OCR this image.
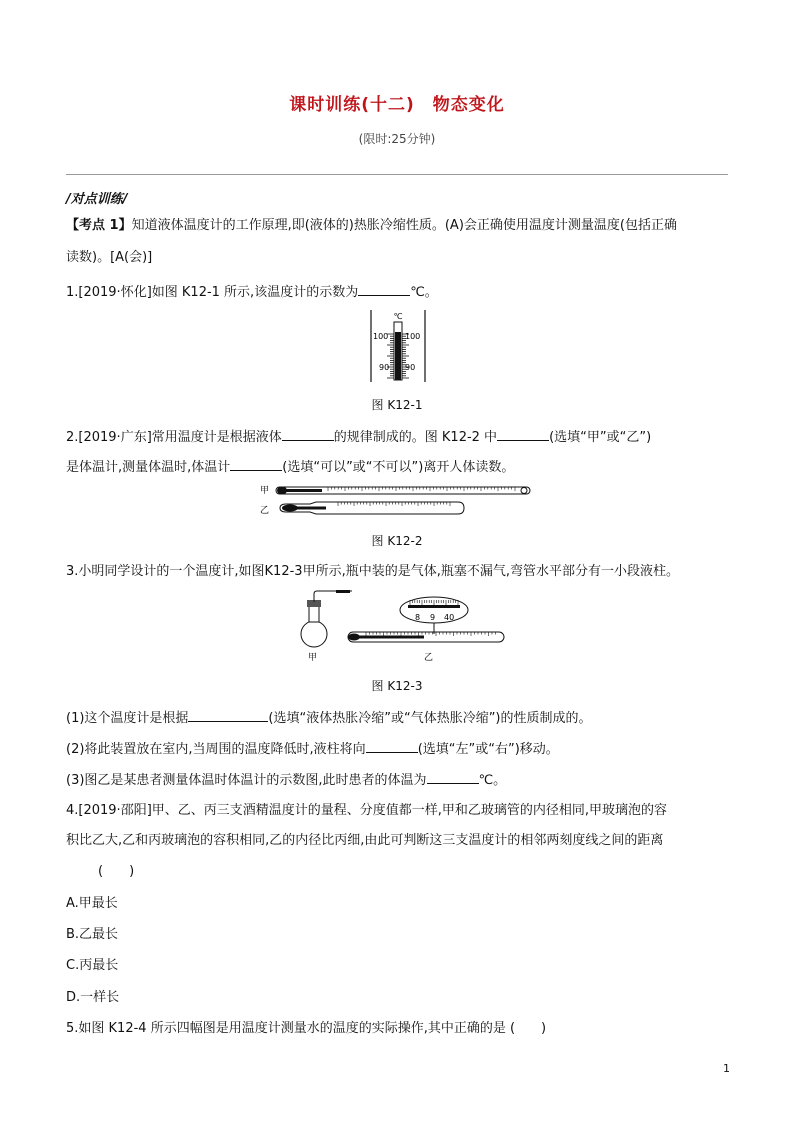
课时训练(十二)　物态变化
(限时:25分钟)
/对点训练/
【考点 1】知道液体温度计的工作原理,即(液体的)热胀冷缩性质。(A)会正确使用温度计测量温度(包括正确
读数)。[A(会)]
1.[2019·怀化]如图 K12-1 所示,该温度计的示数为	℃。
℃
100 100
90 90
图 K12-1
2.[2019·广东]常用温度计是根据液体	的规律制成的。图 K12-2 中	(选填“甲”或“乙”)
是体温计,测量体温时,体温计	(选填“可以”或“不可以”)离开人体读数。
甲
乙
图 K12-2
3.小明同学设计的一个温度计,如图K12-3甲所示,瓶中装的是气体,瓶塞不漏气,弯管水平部分有一小段液柱。
甲
8 9 40
乙
图 K12-3
(1)这个温度计是根据	(选填“液体热胀冷缩”或“气体热胀冷缩”)的性质制成的。
(2)将此装置放在室内,当周围的温度降低时,液柱将向	(选填“左”或“右”)移动。
(3)图乙是某患者测量体温时体温计的示数图,此时患者的体温为	℃。
4.[2019·邵阳]甲、乙、丙三支酒精温度计的量程、分度值都一样,甲和乙玻璃管的内径相同,甲玻璃泡的容
积比乙大,乙和丙玻璃泡的容积相同,乙的内径比丙细,由此可判断这三支温度计的相邻两刻度线之间的距离
(　　)
A.甲最长
B.乙最长
C.丙最长
D.一样长
5.如图 K12-4 所示四幅图是用温度计测量水的温度的实际操作,其中正确的是 (　　)
1
